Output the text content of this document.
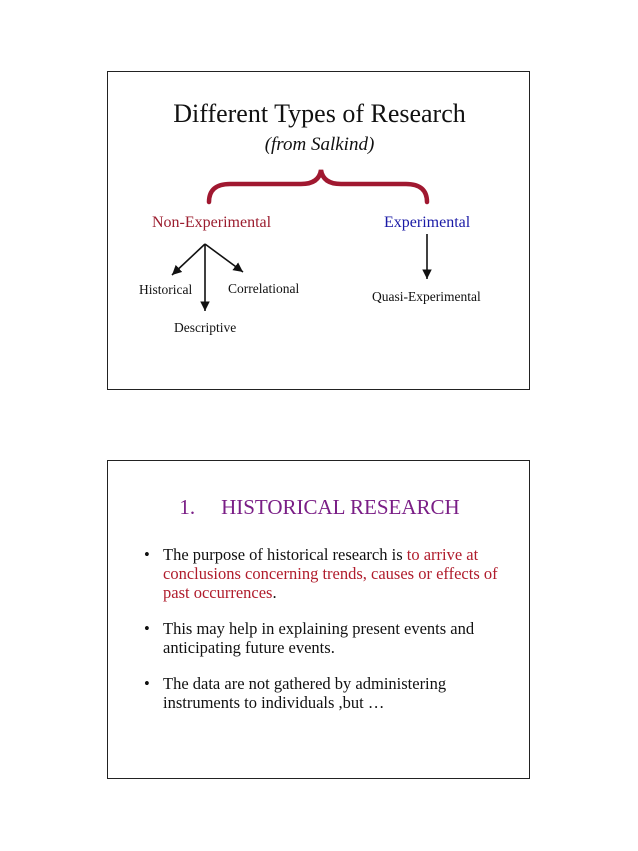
Different Types of Research
(from Salkind)
Non-Experimental	Experimental
Historical	Correlational
Descriptive
Quasi-Experimental
1. HISTORICAL RESEARCH
• The purpose of historical research is to arrive at conclusions concerning trends, causes or effects of past occurrences.
• This may help in explaining present events and anticipating future events.
• The data are not gathered by administering instruments to individuals ,but …
